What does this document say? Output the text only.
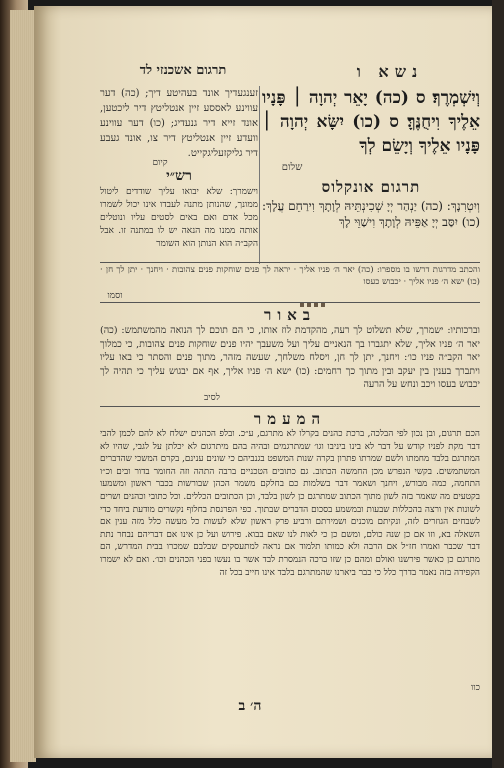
נשא ו
תרגום אשכנזי לד
וְיִשְׁמְרֶךָ׃ ס (כה) יָאֵר יְהוָה ׀ פָּנָיו אֵלֶיךָ וִיחֻנֶּךָּ׃ ס (כו) יִשָּׂא יְהוָה ׀ פָּנָיו אֵלֶיךָ וְיָשֵׂם לְךָ
שלום
תרגום אונקלוס
וְיִטְרִנָךְ: (כה) יַנְהַר יְיָ שְׁכִינְתֵּיהּ לְוָתָךְ וִירַחֵם עֲלָךְ: (כו) יִסַּב יְיָ אַפֵּיהּ לְוָתָךְ וִישַׁוֵּי לָךְ
זענגעדיך אונד בעהיטע דיך; (כה) דער עווינע לאססע זיין אנטליטץ דיר ליכטען, אונד זייא דיר גנעדיג; (כו) דער עווינע וועדע זיין אנטליטץ דיר צו, אונד געבע דיר גליקזעליגקייט.
קיום
רש״י
וישמרך: שלא יבואו עליך שודדים ליטול ממונך, שהנותן מתנה לעבדו אינו יכול לשמרו מכל אדם ואם באים לסטים עליו ונוטלים אותה ממנו מה הנאה יש לו במתנה זו. אבל הקב״ה הוא הנותן הוא השומר
והכתב מדרגות דרשו בו מספרו: (כה) יאר ה׳ פניו אליך · יראה לך פנים שוחקות פנים צהובות · ויחנך · יתן לך חן · (כו) ישא ה׳ פניו אליך · יכבוש כעסו
וסמו
באור
וברכותיו: ישמרך, שלא תשלוט לך רעה, מהקדמת לוז אותו, כי הם תוכם לך הנואה מהמשתמש: (כה) יאר ה׳ פניו אליך, שלא יתגברו בך הנאניים עליך ועל משעבך יהיו פנים שוחקות פנים צהובות, כי כמלוך יאר הקב״ה פניו כו׳: ויחנך, יתן לך חן, ויסלח משלחך, שעשה מזהר, מתוך פנים והסתר כי באו עליו ויתברך בענין בין יעקב ובין מתוך כך רחמים: (כו) ישא ה׳ פניו אליך, אף אם יבגוש עליך כי תהיה לך יכבוש בעסו ויכב ונחש על הרעה
לסיב
המעמר
הכם תרגום, ובן נכון לפי הבלכה, ברכת כהנים בקרלו לא מתרגם, ע״כ. ובלפ הכהנים ישלח לא להם לכמן להבי דבר מקת לפניו קודש על דבר לא בינו ביניבו וגו׳ שמתרגמים ובהיה בהם מיתרגום לא יכלתן על לגבי, שהיו לא המתרגם בלבד מחמתו ולשם שמרתו פתרון בקרה שנות המשפט בגנביהם כי שונים ענינם, בקרם המשכי שהדברים המשתמשים. בקשי הנפרש מכן החמשה הכתוב. גם כתובים הטכניים ברבה התהה וזה החומר בדור ובים וכ״ו התחמה, כמה מבורש, ויחנך ושאמר דבר בשלמות כם בחלקם משמר הכהן שבורשות בכבר ראשון ומשמעו בקטעים מה שאמר בזה לשון מתוך הכתוב שמתרגם כן לשון בלבד, וכן הכתובים הכללים. וכל כתובי וכהנים ושרים לשונות אין ורצה בהכללות שבעות ובמשמע בסכום הדברים שבתוך. כפי הפרנסת בחלוף נקשרים מודעת ביחד כדי לשבחים הגוזרים לזה, ונקיתם מוכנים ושמירתם ורביע פרק ראשון שלא לעשות כל מעשה כלל מזה ענין אם השאלה בא, וזו אם כן שנה כולם, ומשם כן כי לאות לנו שאם בבוא. פירוש ועל כן אינו אם דבריהם נבחר נתת דבר שכבר ואמרו חז״ל אם הרבה ולא כמותו תלמוד אם נראה למתעסקים שבלבם שמכרו בבית המדרש, הם מתרגם כן כאשר פירשנו ואולם ומהם כן שזו ברכה הנמסרת לבד אשר בו נעשו בפני הכהנים וכו׳. ואם לא ישמרו הקפידה בזה נאמר בדרך כלל כי כבר ביארנו שהמתרגם בלבד אינו חייב בכל זה
כוו
ה׳ ב
